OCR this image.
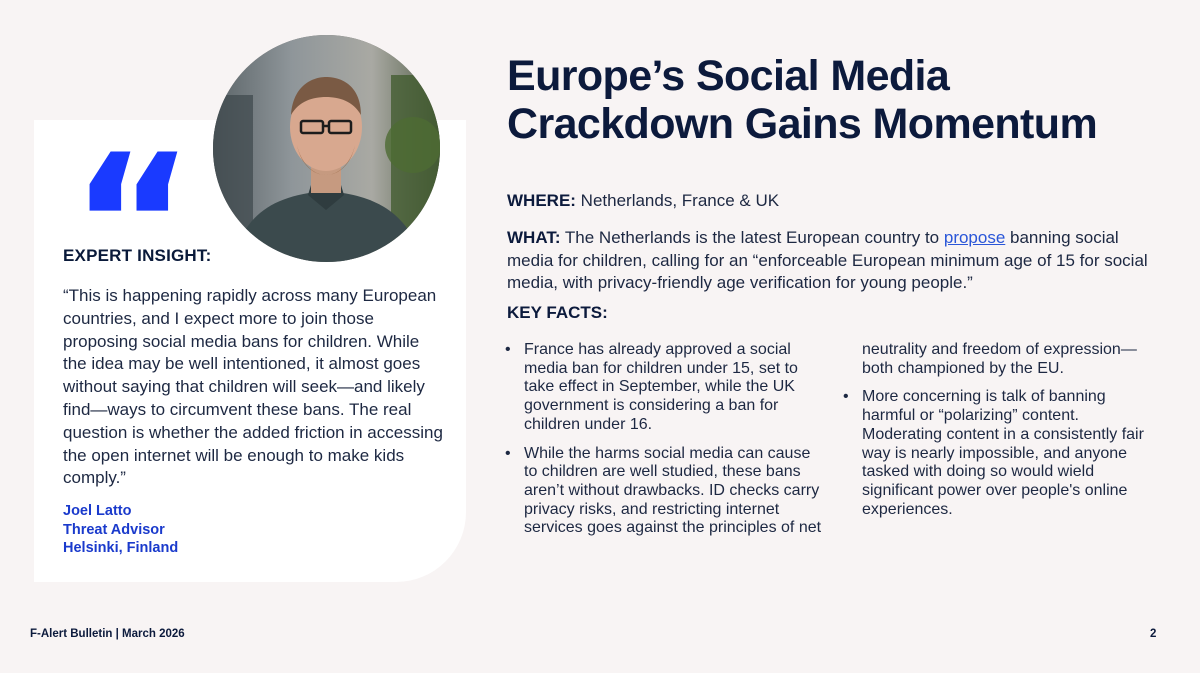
EXPERT INSIGHT:
“This is happening rapidly across many European countries, and I expect more to join those proposing social media bans for children. While the idea may be well intentioned, it almost goes without saying that children will seek—and likely find—ways to circumvent these bans. The real question is whether the added friction in accessing the open internet will be enough to make kids comply.”
Joel Latto
Threat Advisor
Helsinki, Finland
Europe’s Social Media Crackdown Gains Momentum
WHERE: Netherlands, France & UK
WHAT: The Netherlands is the latest European country to propose banning social media for children, calling for an “enforceable European minimum age of 15 for social media, with privacy-friendly age verification for young people.”
KEY FACTS:
• France has already approved a social media ban for children under 15, set to take effect in September, while the UK government is considering a ban for children under 16.
• While the harms social media can cause to children are well studied, these bans aren’t without drawbacks. ID checks carry privacy risks, and restricting internet services goes against the principles of net neutrality and freedom of expression—both championed by the EU.
• More concerning is talk of banning harmful or “polarizing” content. Moderating content in a consistently fair way is nearly impossible, and anyone tasked with doing so would wield significant power over people's online experiences.
F-Alert Bulletin | March 2026	2
